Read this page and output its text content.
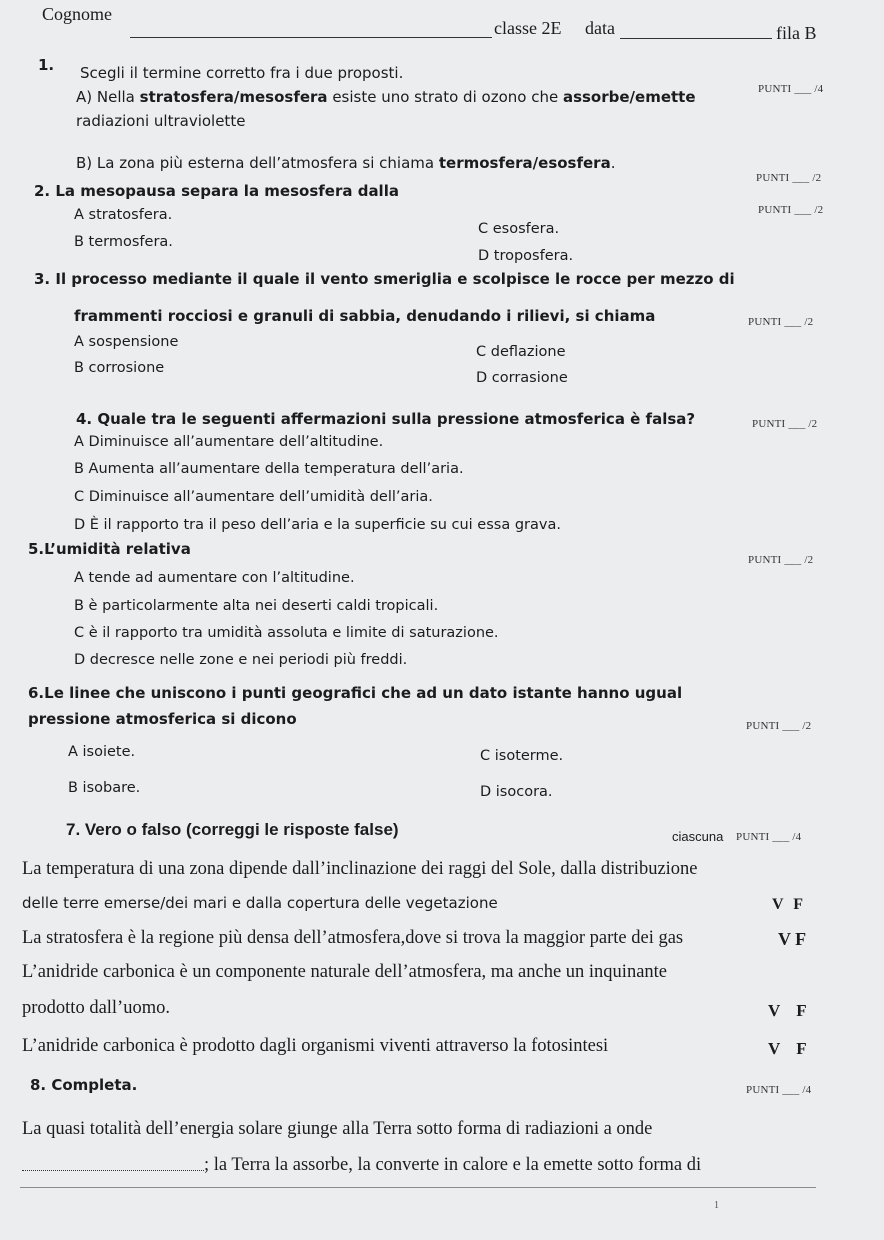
Cognome
classe 2E data	fila B
1. Scegli il termine corretto fra i due proposti.
PUNTI ___ /4
A) Nella stratosfera/mesosfera esiste uno strato di ozono che assorbe/emette
radiazioni ultraviolette
B) La zona più esterna dell’atmosfera si chiama termosfera/esosfera.
PUNTI ___ /2
2. La mesopausa separa la mesosfera dalla
PUNTI ___ /2
A stratosfera.
B termosfera.
C esosfera.
D troposfera.
3. Il processo mediante il quale il vento smeriglia e scolpisce le rocce per mezzo di
frammenti rocciosi e granuli di sabbia, denudando i rilievi, si chiama	PUNTI ___ /2
A sospensione
B corrosione
C deflazione
D corrasione
4. Quale tra le seguenti affermazioni sulla pressione atmosferica è falsa?	PUNTI ___ /2
A Diminuisce all’aumentare dell’altitudine.
B Aumenta all’aumentare della temperatura dell’aria.
C Diminuisce all’aumentare dell’umidità dell’aria.
D È il rapporto tra il peso dell’aria e la superficie su cui essa grava.
5.L’umidità relativa
PUNTI ___ /2
A tende ad aumentare con l’altitudine.
B è particolarmente alta nei deserti caldi tropicali.
C è il rapporto tra umidità assoluta e limite di saturazione.
D decresce nelle zone e nei periodi più freddi.
6.Le linee che uniscono i punti geografici che ad un dato istante hanno ugual
pressione atmosferica si dicono	PUNTI ___ /2
A isoiete.
B isobare.
C isoterme.
D isocora.
7. Vero o falso (correggi le risposte false)	ciascuna PUNTI ___ /4
La temperatura di una zona dipende dall’inclinazione dei raggi del Sole, dalla distribuzione
delle terre emerse/dei mari e dalla copertura delle vegetazione	V F
La stratosfera è la regione più densa dell’atmosfera,dove si trova la maggior parte dei gas	V F
L’anidride carbonica è un componente naturale dell’atmosfera, ma anche un inquinante
prodotto dall’uomo.	V F
L’anidride carbonica è prodotto dagli organismi viventi attraverso la fotosintesi	V F
8. Completa.	PUNTI ___ /4
La quasi totalità dell’energia solare giunge alla Terra sotto forma di radiazioni a onde
; la Terra la assorbe, la converte in calore e la emette sotto forma di
1
